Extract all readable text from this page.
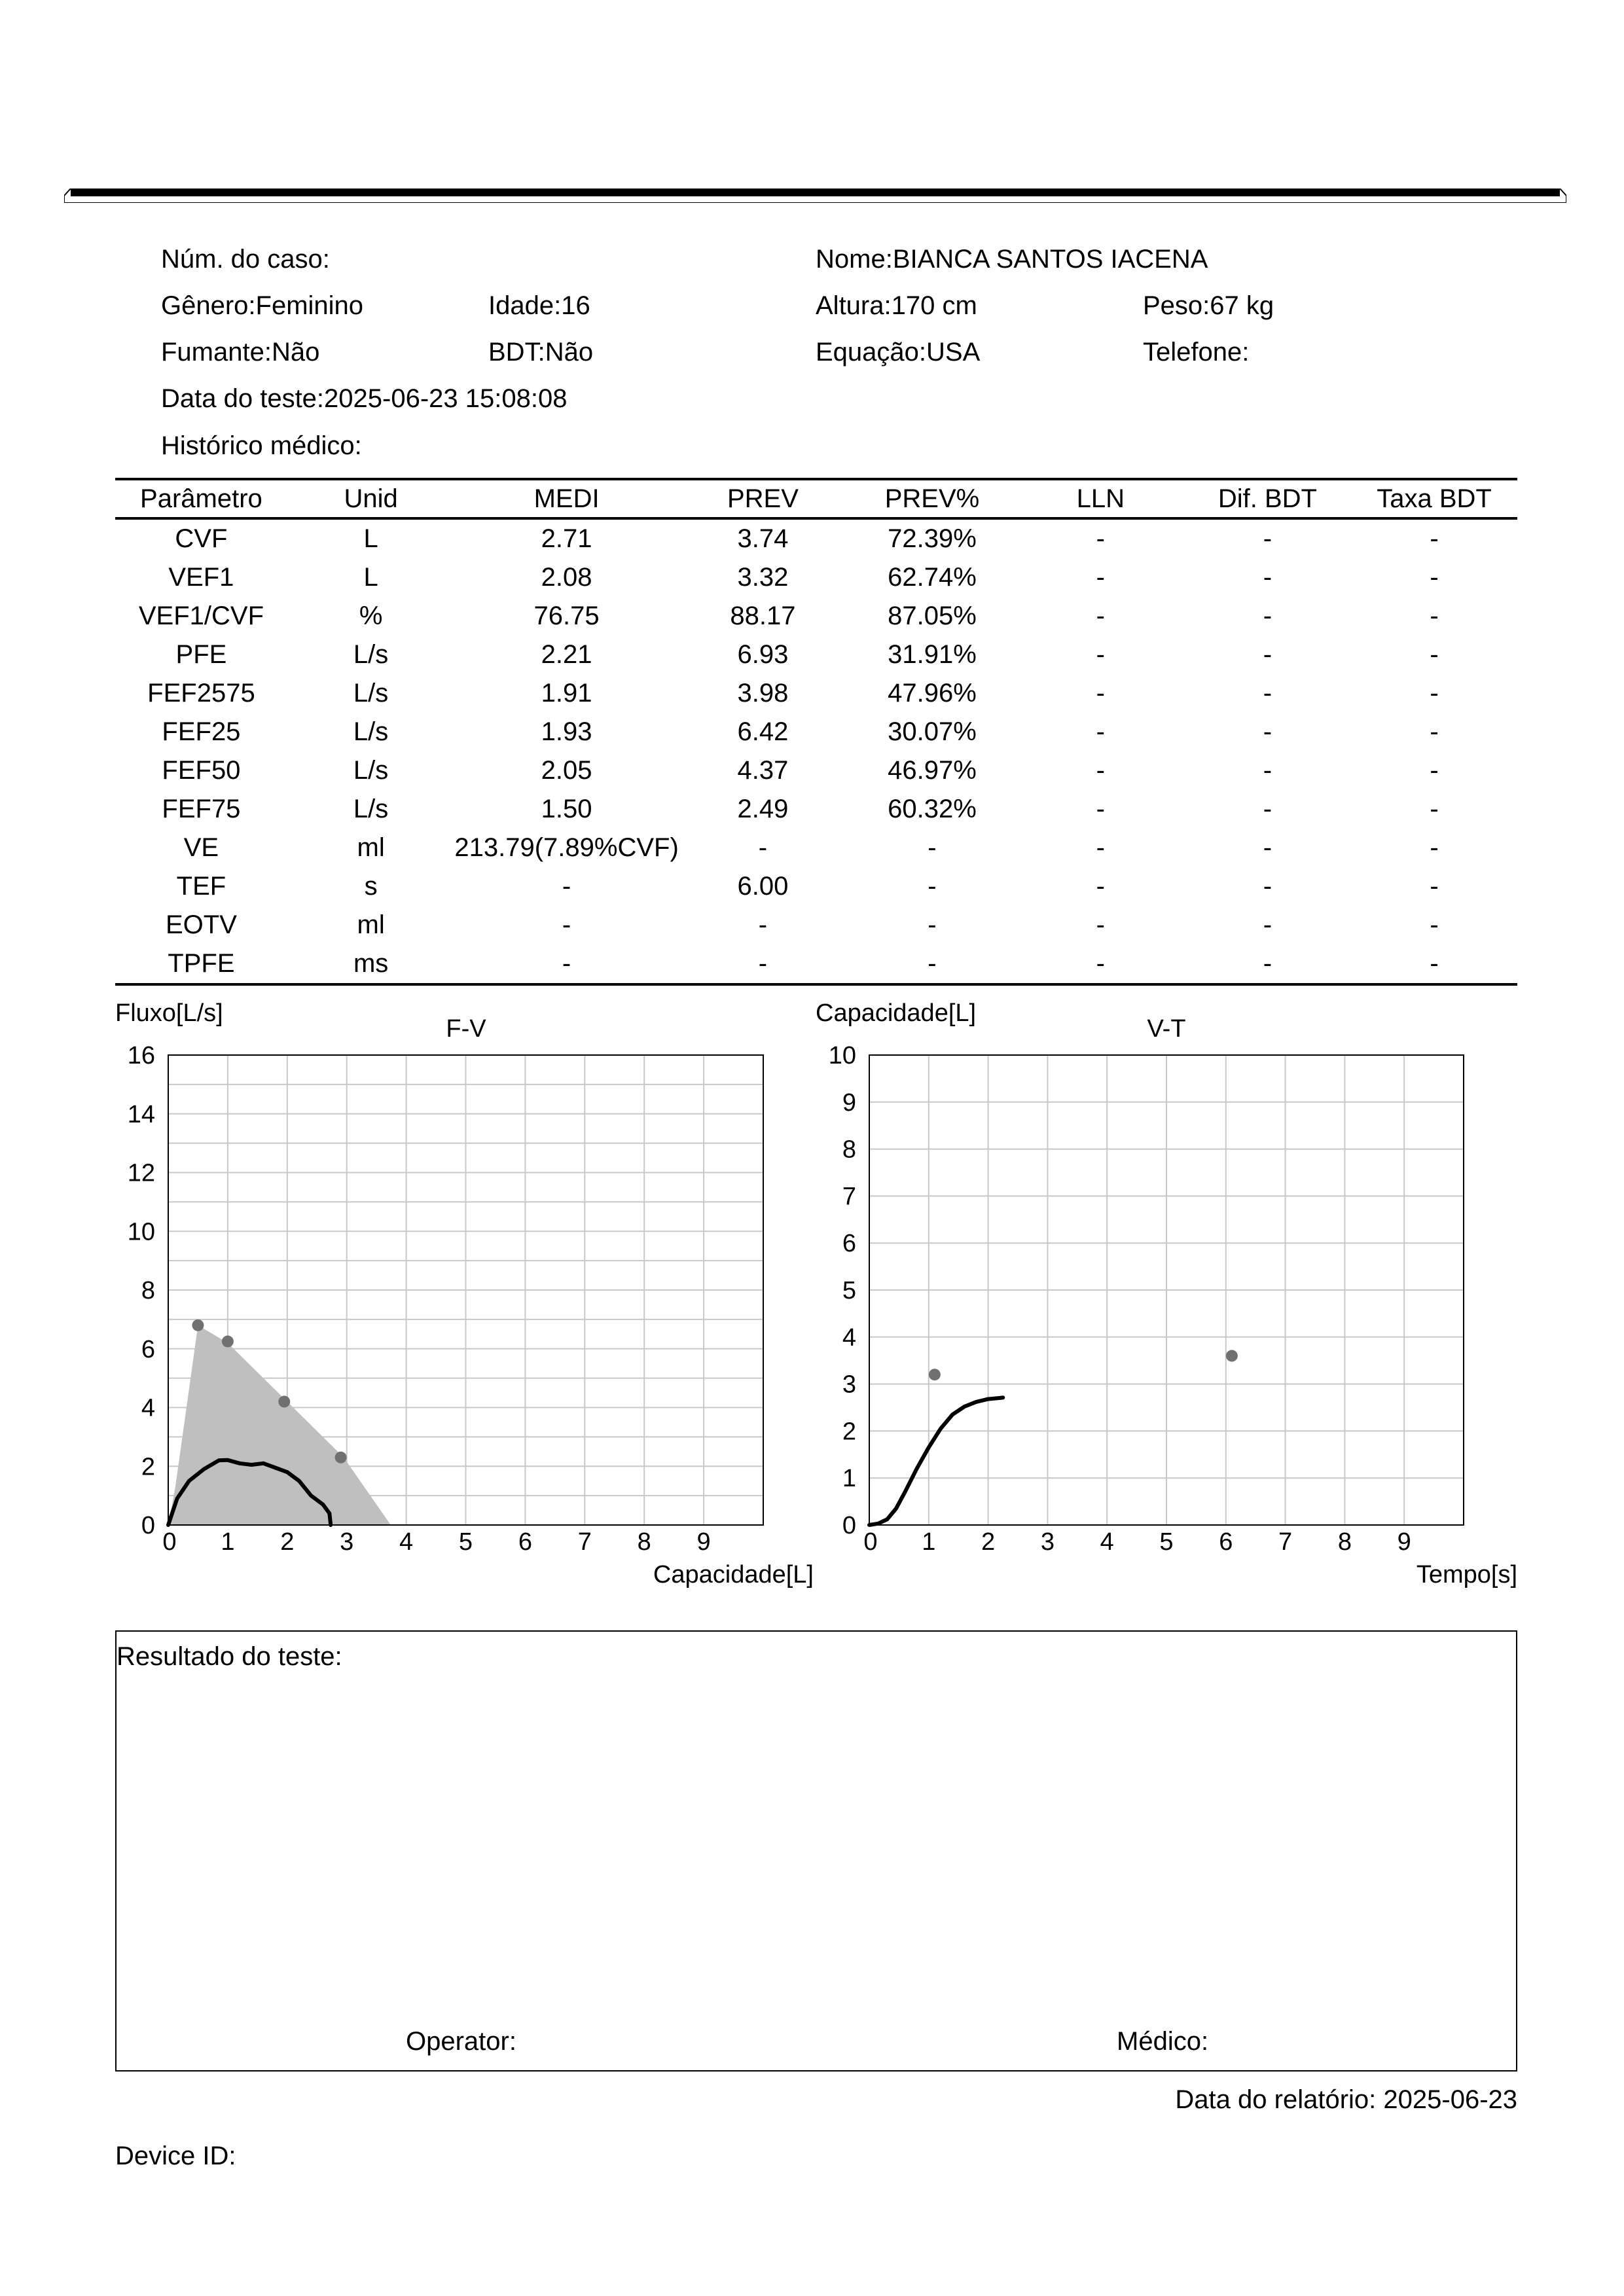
Núm. do caso:	Nome:BIANCA SANTOS IACENA
Gênero:Feminino	Idade:16	Altura:170 cm	Peso:67 kg
Fumante:Não	BDT:Não	Equação:USA	Telefone:
Data do teste:2025-06-23 15:08:08
Histórico médico:
Parâmetro	Unid	MEDI	PREV	PREV%	LLN	Dif. BDT	Taxa BDT
CVF	L	2.71	3.74	72.39%	-	-	-
VEF1	L	2.08	3.32	62.74%	-	-	-
VEF1/CVF	%	76.75	88.17	87.05%	-	-	-
PFE	L/s	2.21	6.93	31.91%	-	-	-
FEF2575	L/s	1.91	3.98	47.96%	-	-	-
FEF25	L/s	1.93	6.42	30.07%	-	-	-
FEF50	L/s	2.05	4.37	46.97%	-	-	-
FEF75	L/s	1.50	2.49	60.32%	-	-	-
VE	ml	213.79(7.89%CVF)	-	-	-	-	-
TEF	s	-	6.00	-	-	-	-
EOTV	ml	-	-	-	-	-	-
TPFE	ms	-	-	-	-	-	-
0 1 2 3 4 5 6 7 8 9
0
2
4
6
8
10
12
14
16
F-V
Fluxo[L/s]
Capacidade[L]
0 1 2 3 4 5 6 7 8 9
0
1
2
3
4
5
6
7
8
9
10
V-T
Capacidade[L]
Tempo[s]
Resultado do teste:
Operator:	Médico:
Data do relatório: 2025-06-23
Device ID:
